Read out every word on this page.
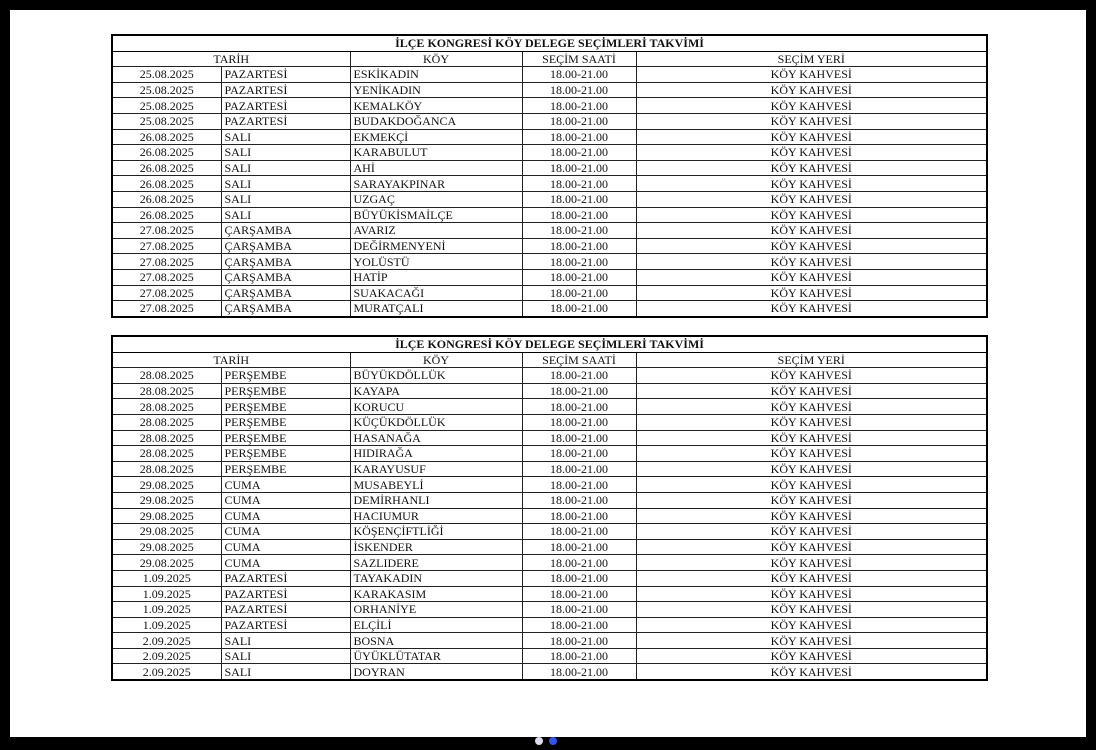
İLÇE KONGRESİ KÖY DELEGE SEÇİMLERİ TAKVİMİ				
TARİH		KÖY	SEÇİM SAATİ	SEÇİM YERİ
25.08.2025	PAZARTESİ	ESKİKADIN	18.00-21.00	KÖY KAHVESİ
25.08.2025	PAZARTESİ	YENİKADIN	18.00-21.00	KÖY KAHVESİ
25.08.2025	PAZARTESİ	KEMALKÖY	18.00-21.00	KÖY KAHVESİ
25.08.2025	PAZARTESİ	BUDAKDOĞANCA	18.00-21.00	KÖY KAHVESİ
26.08.2025	SALI	EKMEKÇİ	18.00-21.00	KÖY KAHVESİ
26.08.2025	SALI	KARABULUT	18.00-21.00	KÖY KAHVESİ
26.08.2025	SALI	AHİ	18.00-21.00	KÖY KAHVESİ
26.08.2025	SALI	SARAYAKPINAR	18.00-21.00	KÖY KAHVESİ
26.08.2025	SALI	UZGAÇ	18.00-21.00	KÖY KAHVESİ
26.08.2025	SALI	BÜYÜKİSMAİLÇE	18.00-21.00	KÖY KAHVESİ
27.08.2025	ÇARŞAMBA	AVARIZ	18.00-21.00	KÖY KAHVESİ
27.08.2025	ÇARŞAMBA	DEĞİRMENYENİ	18.00-21.00	KÖY KAHVESİ
27.08.2025	ÇARŞAMBA	YOLÜSTÜ	18.00-21.00	KÖY KAHVESİ
27.08.2025	ÇARŞAMBA	HATİP	18.00-21.00	KÖY KAHVESİ
27.08.2025	ÇARŞAMBA	SUAKACAĞI	18.00-21.00	KÖY KAHVESİ
27.08.2025	ÇARŞAMBA	MURATÇALI	18.00-21.00	KÖY KAHVESİ
İLÇE KONGRESİ KÖY DELEGE SEÇİMLERİ TAKVİMİ				
TARİH		KÖY	SEÇİM SAATİ	SEÇİM YERİ
28.08.2025	PERŞEMBE	BÜYÜKDÖLLÜK	18.00-21.00	KÖY KAHVESİ
28.08.2025	PERŞEMBE	KAYAPA	18.00-21.00	KÖY KAHVESİ
28.08.2025	PERŞEMBE	KORUCU	18.00-21.00	KÖY KAHVESİ
28.08.2025	PERŞEMBE	KÜÇÜKDÖLLÜK	18.00-21.00	KÖY KAHVESİ
28.08.2025	PERŞEMBE	HASANAĞA	18.00-21.00	KÖY KAHVESİ
28.08.2025	PERŞEMBE	HIDIRAĞA	18.00-21.00	KÖY KAHVESİ
28.08.2025	PERŞEMBE	KARAYUSUF	18.00-21.00	KÖY KAHVESİ
29.08.2025	CUMA	MUSABEYLİ	18.00-21.00	KÖY KAHVESİ
29.08.2025	CUMA	DEMİRHANLI	18.00-21.00	KÖY KAHVESİ
29.08.2025	CUMA	HACIUMUR	18.00-21.00	KÖY KAHVESİ
29.08.2025	CUMA	KÖŞENÇİFTLİĞİ	18.00-21.00	KÖY KAHVESİ
29.08.2025	CUMA	İSKENDER	18.00-21.00	KÖY KAHVESİ
29.08.2025	CUMA	SAZLIDERE	18.00-21.00	KÖY KAHVESİ
1.09.2025	PAZARTESİ	TAYAKADIN	18.00-21.00	KÖY KAHVESİ
1.09.2025	PAZARTESİ	KARAKASIM	18.00-21.00	KÖY KAHVESİ
1.09.2025	PAZARTESİ	ORHANİYE	18.00-21.00	KÖY KAHVESİ
1.09.2025	PAZARTESİ	ELÇİLİ	18.00-21.00	KÖY KAHVESİ
2.09.2025	SALI	BOSNA	18.00-21.00	KÖY KAHVESİ
2.09.2025	SALI	ÜYÜKLÜTATAR	18.00-21.00	KÖY KAHVESİ
2.09.2025	SALI	DOYRAN	18.00-21.00	KÖY KAHVESİ
